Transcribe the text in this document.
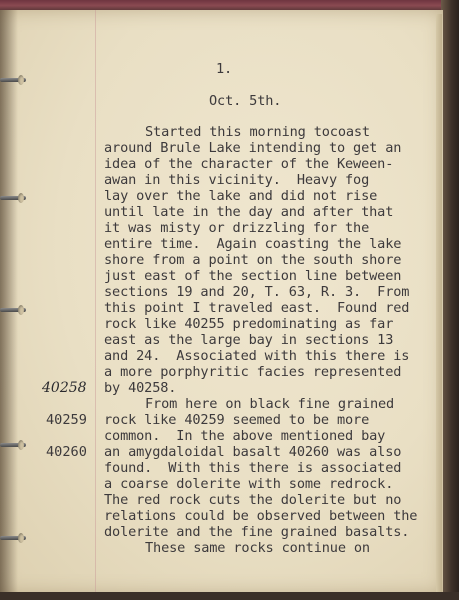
1.
Oct. 5th.
Started this morning tocoast
around Brule Lake intending to get an
idea of the character of the Keween-
awan in this vicinity.  Heavy fog
lay over the lake and did not rise
until late in the day and after that
it was misty or drizzling for the
entire time.  Again coasting the lake
shore from a point on the south shore
just east of the section line between
sections 19 and 20, T. 63, R. 3.  From
this point I traveled east.  Found red
rock like 40255 predominating as far
east as the large bay in sections 13
and 24.  Associated with this there is
a more porphyritic facies represented
by 40258.
From here on black fine grained
rock like 40259 seemed to be more
common.  In the above mentioned bay
an amygdaloidal basalt 40260 was also
found.  With this there is associated
a coarse dolerite with some redrock.
The red rock cuts the dolerite but no
relations could be observed between the
dolerite and the fine grained basalts.
These same rocks continue on
40258
40259
40260
